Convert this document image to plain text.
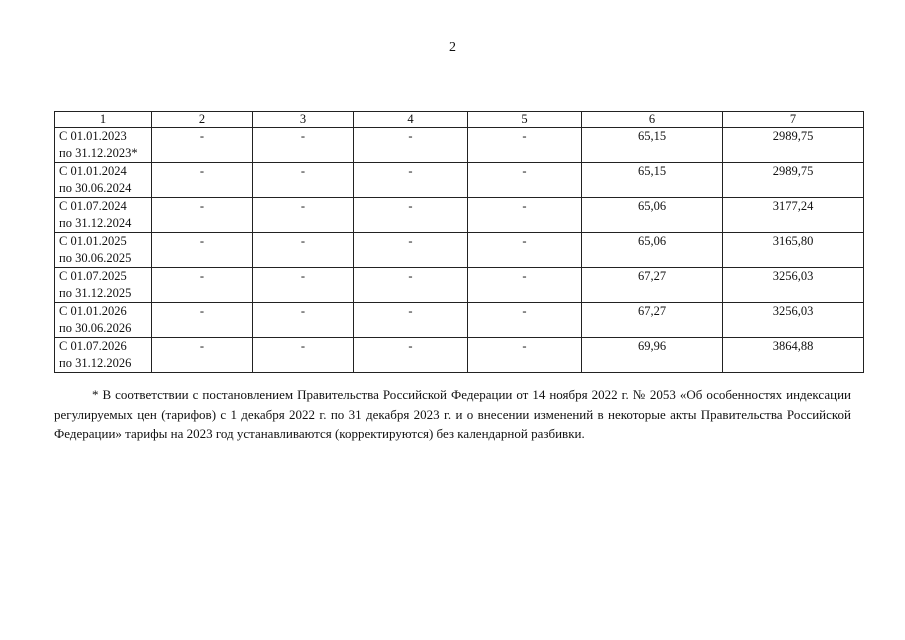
2
1	2	3	4	5	6	7

С 01.01.2023
по 31.12.2023*	-	-	-	-	65,15	2989,75

С 01.01.2024
по 30.06.2024	-	-	-	-	65,15	2989,75

С 01.07.2024
по 31.12.2024	-	-	-	-	65,06	3177,24

С 01.01.2025
по 30.06.2025	-	-	-	-	65,06	3165,80

С 01.07.2025
по 31.12.2025	-	-	-	-	67,27	3256,03

С 01.01.2026
по 30.06.2026	-	-	-	-	67,27	3256,03

С 01.07.2026
по 31.12.2026	-	-	-	-	69,96	3864,88
* В соответствии с постановлением Правительства Российской Федерации от 14 ноября 2022 г. № 2053 «Об особенностях индексации регулируемых цен (тарифов) с 1 декабря 2022 г. по 31 декабря 2023 г. и о внесении изменений в некоторые акты Правительства Российской Федерации» тарифы на 2023 год устанавливаются (корректируются) без календарной разбивки.
